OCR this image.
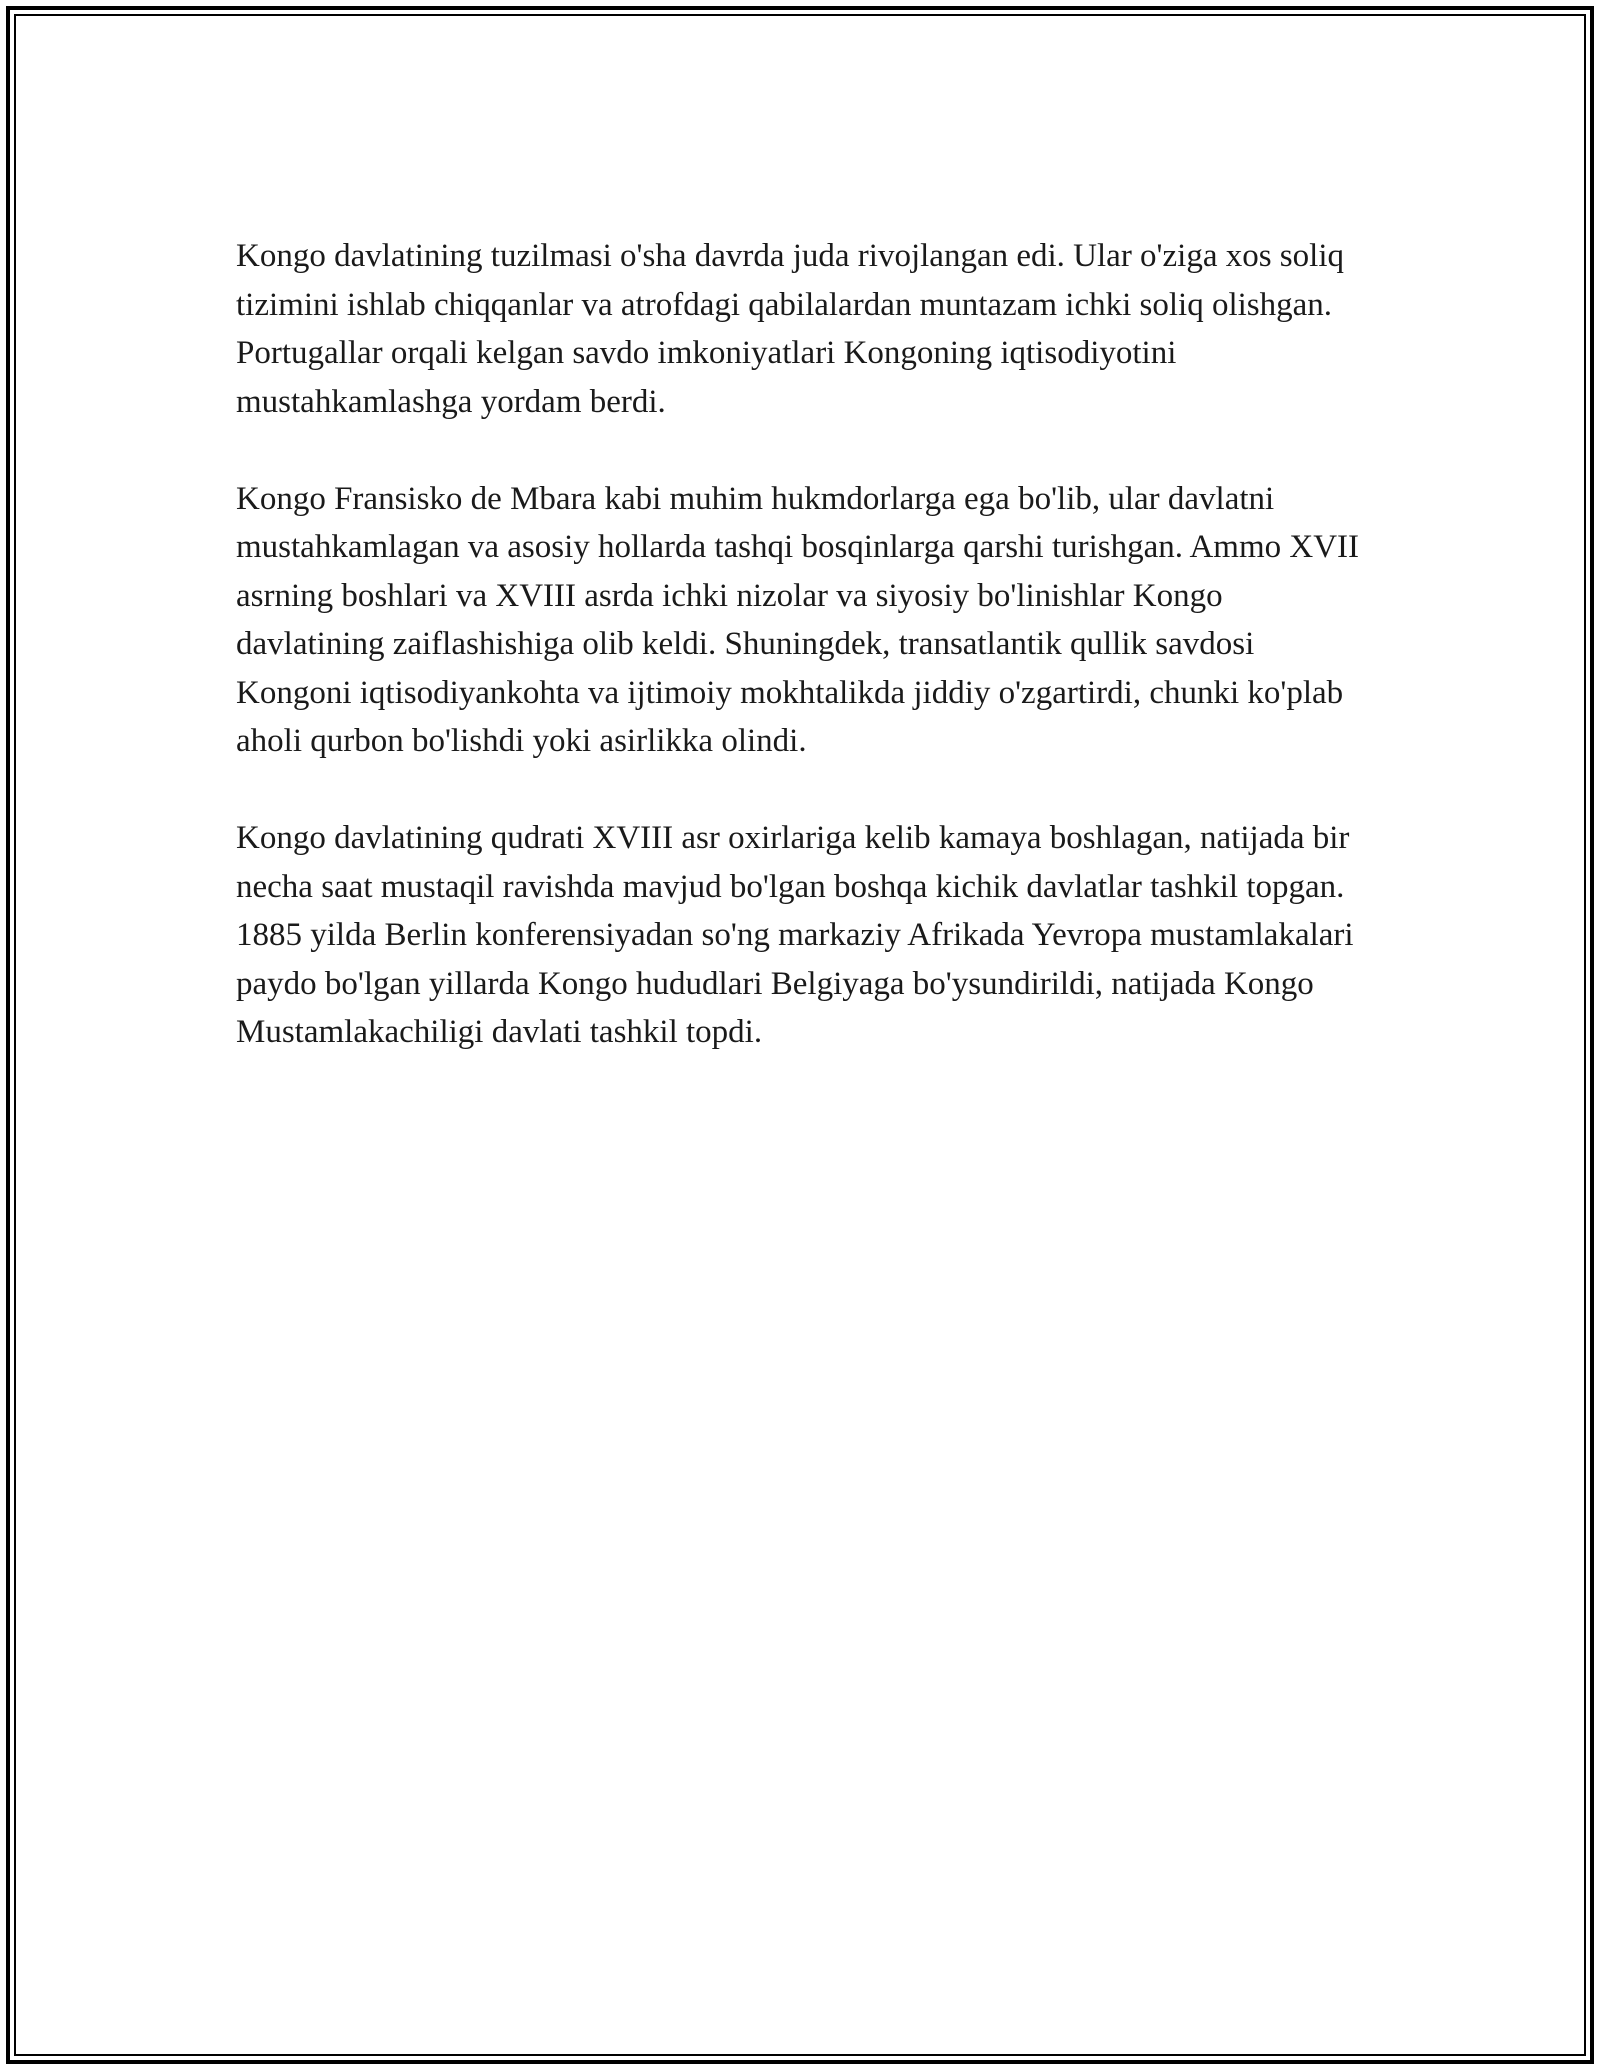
Kongo davlatining tuzilmasi o'sha davrda juda rivojlangan edi. Ular o'ziga xos soliq tizimini ishlab chiqqanlar va atrofdagi qabilalardan muntazam ichki soliq olishgan. Portugallar orqali kelgan savdo imkoniyatlari Kongoning iqtisodiyotini mustahkamlashga yordam berdi.

Kongo Fransisko de Mbara kabi muhim hukmdorlarga ega bo'lib, ular davlatni mustahkamlagan va asosiy hollarda tashqi bosqinlarga qarshi turishgan. Ammo XVII asrning boshlari va XVIII asrda ichki nizolar va siyosiy bo'linishlar Kongo davlatining zaiflashishiga olib keldi. Shuningdek, transatlantik qullik savdosi Kongoni iqtisodiyankohta va ijtimoiy mokhtalikda jiddiy o'zgartirdi, chunki ko'plab aholi qurbon bo'lishdi yoki asirlikka olindi.

Kongo davlatining qudrati XVIII asr oxirlariga kelib kamaya boshlagan, natijada bir necha saat mustaqil ravishda mavjud bo'lgan boshqa kichik davlatlar tashkil topgan. 1885 yilda Berlin konferensiyadan so'ng markaziy Afrikada Yevropa mustamlakalari paydo bo'lgan yillarda Kongo hududlari Belgiyaga bo'ysundirildi, natijada Kongo Mustamlakachiligi davlati tashkil topdi.
